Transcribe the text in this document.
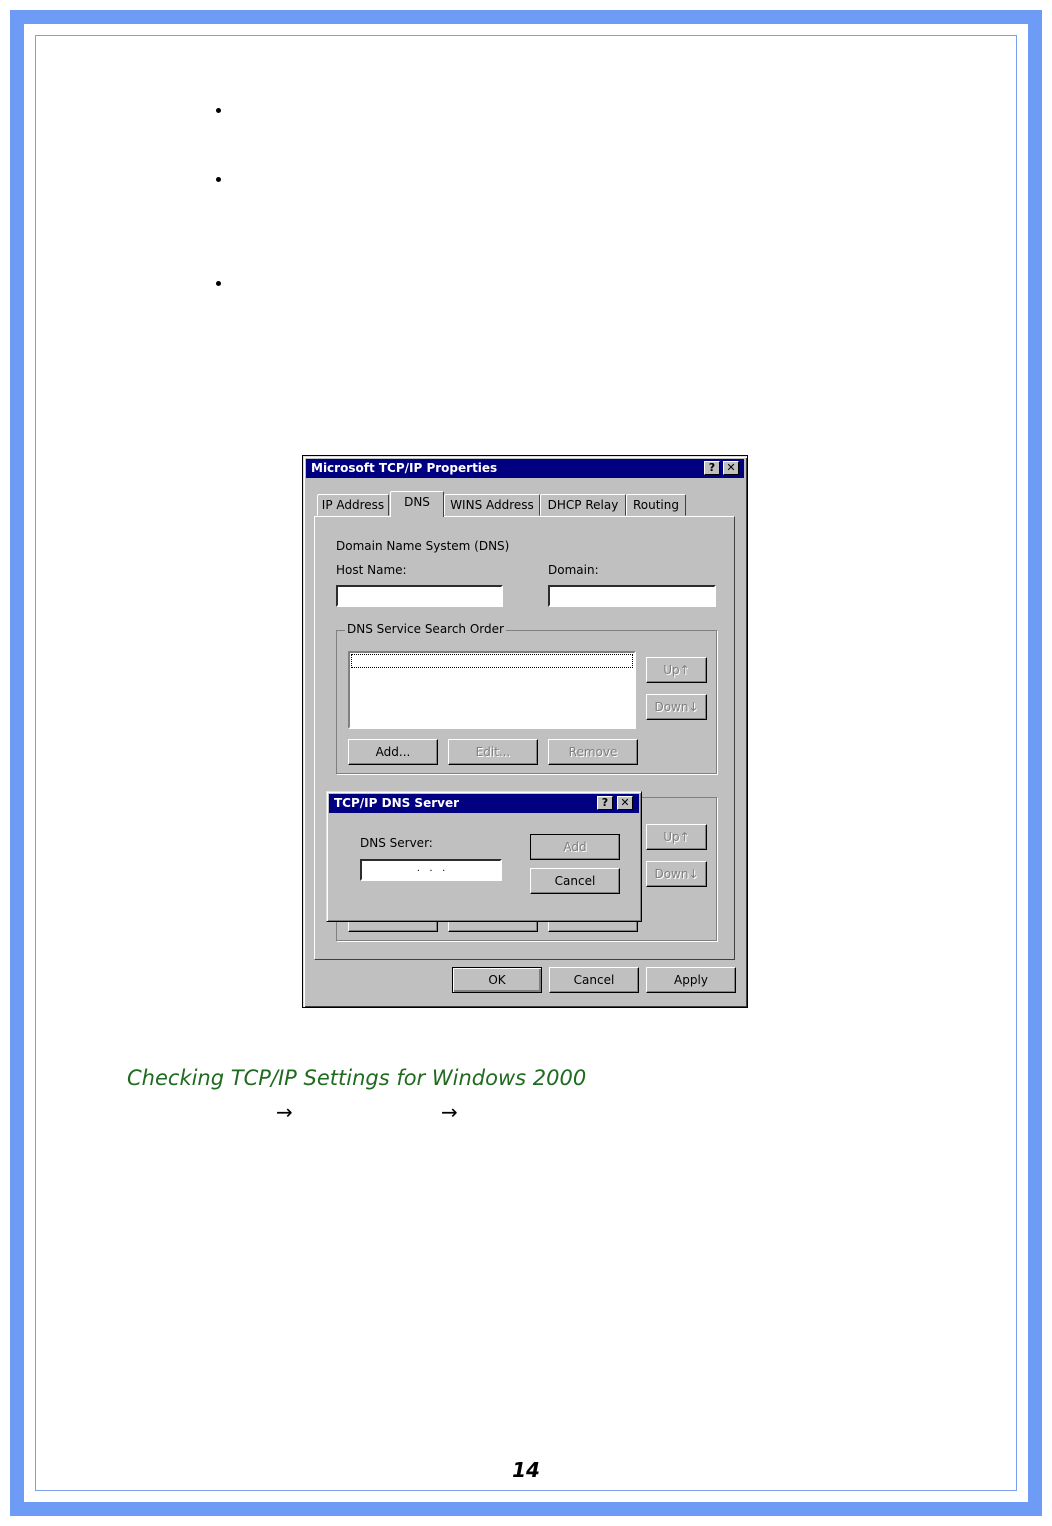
Microsoft TCP/IP Properties	?	✕
IP Address	DNS	WINS Address	DHCP Relay	Routing
Domain Name System (DNS)
Host Name:	Domain:
DNS Service Search Order
Up↑
Down↓
Add...	Edit...	Remove
Up↑
Down↓
OK	Cancel	Apply
TCP/IP DNS Server	?	✕
DNS Server:
.   .   .
Add
Cancel
Checking TCP/IP Settings for Windows 2000
→	→
14
